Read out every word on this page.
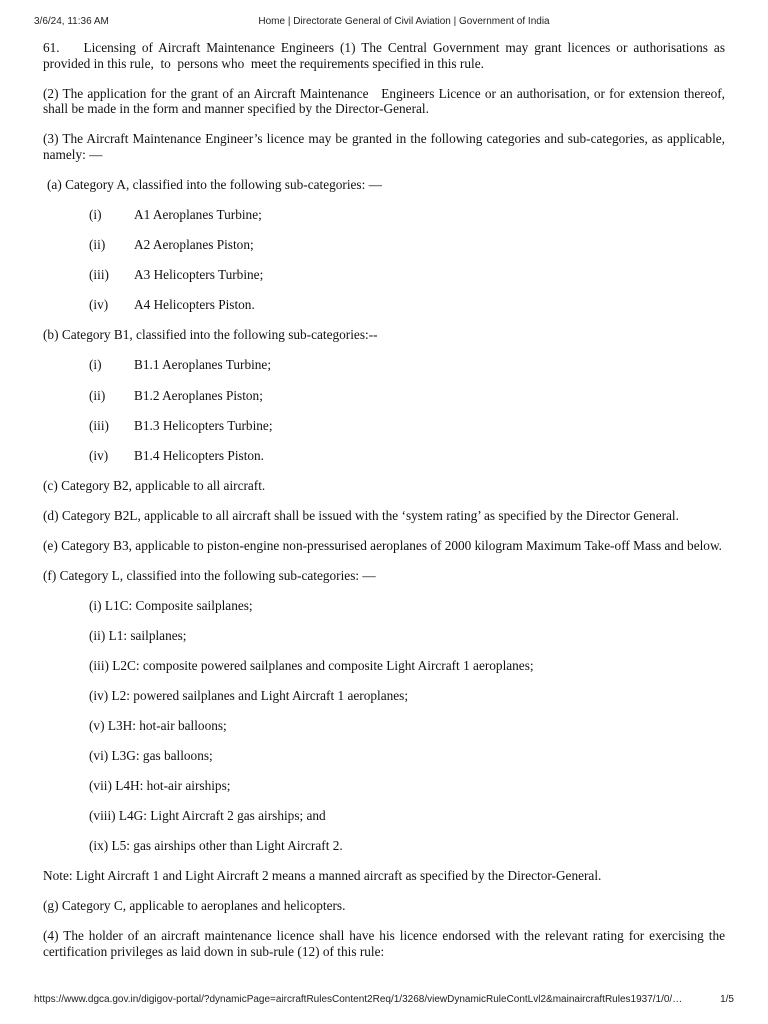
3/6/24, 11:36 AM	Home | Directorate General of Civil Aviation | Government of India

61.    Licensing of Aircraft Maintenance Engineers (1) The Central Government may grant licences or authorisations as provided in this rule,  to  persons who  meet the requirements specified in this rule.

(2) The application for the grant of an Aircraft Maintenance   Engineers Licence or an authorisation, or for extension thereof, shall be made in the form and manner specified by the Director-General.

(3) The Aircraft Maintenance Engineer’s licence may be granted in the following categories and sub-categories, as applicable, namely: —

(a) Category A, classified into the following sub-categories: —

(i)	A1 Aeroplanes Turbine;
(ii)	A2 Aeroplanes Piston;
(iii)	A3 Helicopters Turbine;
(iv)	A4 Helicopters Piston.

(b) Category B1, classified into the following sub-categories:--

(i)	B1.1 Aeroplanes Turbine;
(ii)	B1.2 Aeroplanes Piston;
(iii)	B1.3 Helicopters Turbine;
(iv)	B1.4 Helicopters Piston.

(c) Category B2, applicable to all aircraft.

(d) Category B2L, applicable to all aircraft shall be issued with the ‘system rating’ as specified by the Director General.

(e) Category B3, applicable to piston-engine non-pressurised aeroplanes of 2000 kilogram Maximum Take-off Mass and below.

(f) Category L, classified into the following sub-categories: —

(i) L1C: Composite sailplanes;

(ii) L1: sailplanes;

(iii) L2C: composite powered sailplanes and composite Light Aircraft 1 aeroplanes;

(iv) L2: powered sailplanes and Light Aircraft 1 aeroplanes;

(v) L3H: hot-air balloons;

(vi) L3G: gas balloons;

(vii) L4H: hot-air airships;

(viii) L4G: Light Aircraft 2 gas airships; and

(ix) L5: gas airships other than Light Aircraft 2.

Note: Light Aircraft 1 and Light Aircraft 2 means a manned aircraft as specified by the Director-General.

(g) Category C, applicable to aeroplanes and helicopters.

(4) The holder of an aircraft maintenance licence shall have his licence endorsed with the relevant rating for exercising the certification privileges as laid down in sub-rule (12) of this rule:

https://www.dgca.gov.in/digigov-portal/?dynamicPage=aircraftRulesContent2Req/1/3268/viewDynamicRuleContLvl2&mainaircraftRules1937/1/0/…	1/5
